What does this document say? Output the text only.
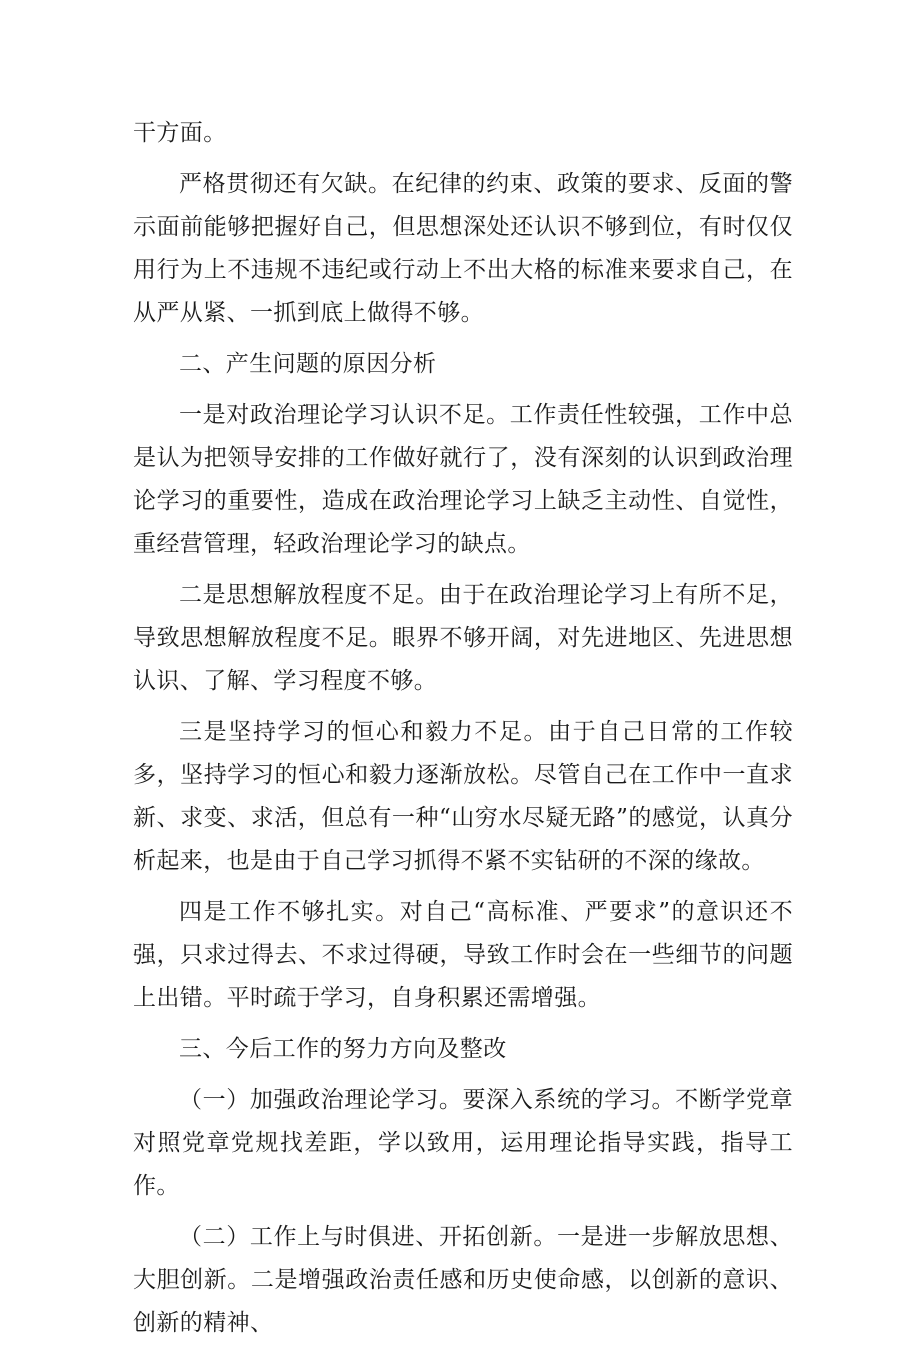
干方面。

严格贯彻还有欠缺。在纪律的约束、政策的要求、反面的警示面前能够把握好自己，但思想深处还认识不够到位，有时仅仅用行为上不违规不违纪或行动上不出大格的标准来要求自己，在从严从紧、一抓到底上做得不够。

二、产生问题的原因分析

一是对政治理论学习认识不足。工作责任性较强，工作中总是认为把领导安排的工作做好就行了，没有深刻的认识到政治理论学习的重要性，造成在政治理论学习上缺乏主动性、自觉性，重经营管理，轻政治理论学习的缺点。

二是思想解放程度不足。由于在政治理论学习上有所不足，导致思想解放程度不足。眼界不够开阔，对先进地区、先进思想认识、了解、学习程度不够。

三是坚持学习的恒心和毅力不足。由于自己日常的工作较多，坚持学习的恒心和毅力逐渐放松。尽管自己在工作中一直求新、求变、求活，但总有一种“山穷水尽疑无路”的感觉，认真分析起来，也是由于自己学习抓得不紧不实钻研的不深的缘故。

四是工作不够扎实。对自己“高标准、严要求”的意识还不强，只求过得去、不求过得硬，导致工作时会在一些细节的问题上出错。平时疏于学习，自身积累还需增强。

三、今后工作的努力方向及整改

（一）加强政治理论学习。要深入系统的学习。不断学党章对照党章党规找差距，学以致用，运用理论指导实践，指导工作。

（二）工作上与时俱进、开拓创新。一是进一步解放思想、大胆创新。二是增强政治责任感和历史使命感，以创新的意识、创新的精神、
